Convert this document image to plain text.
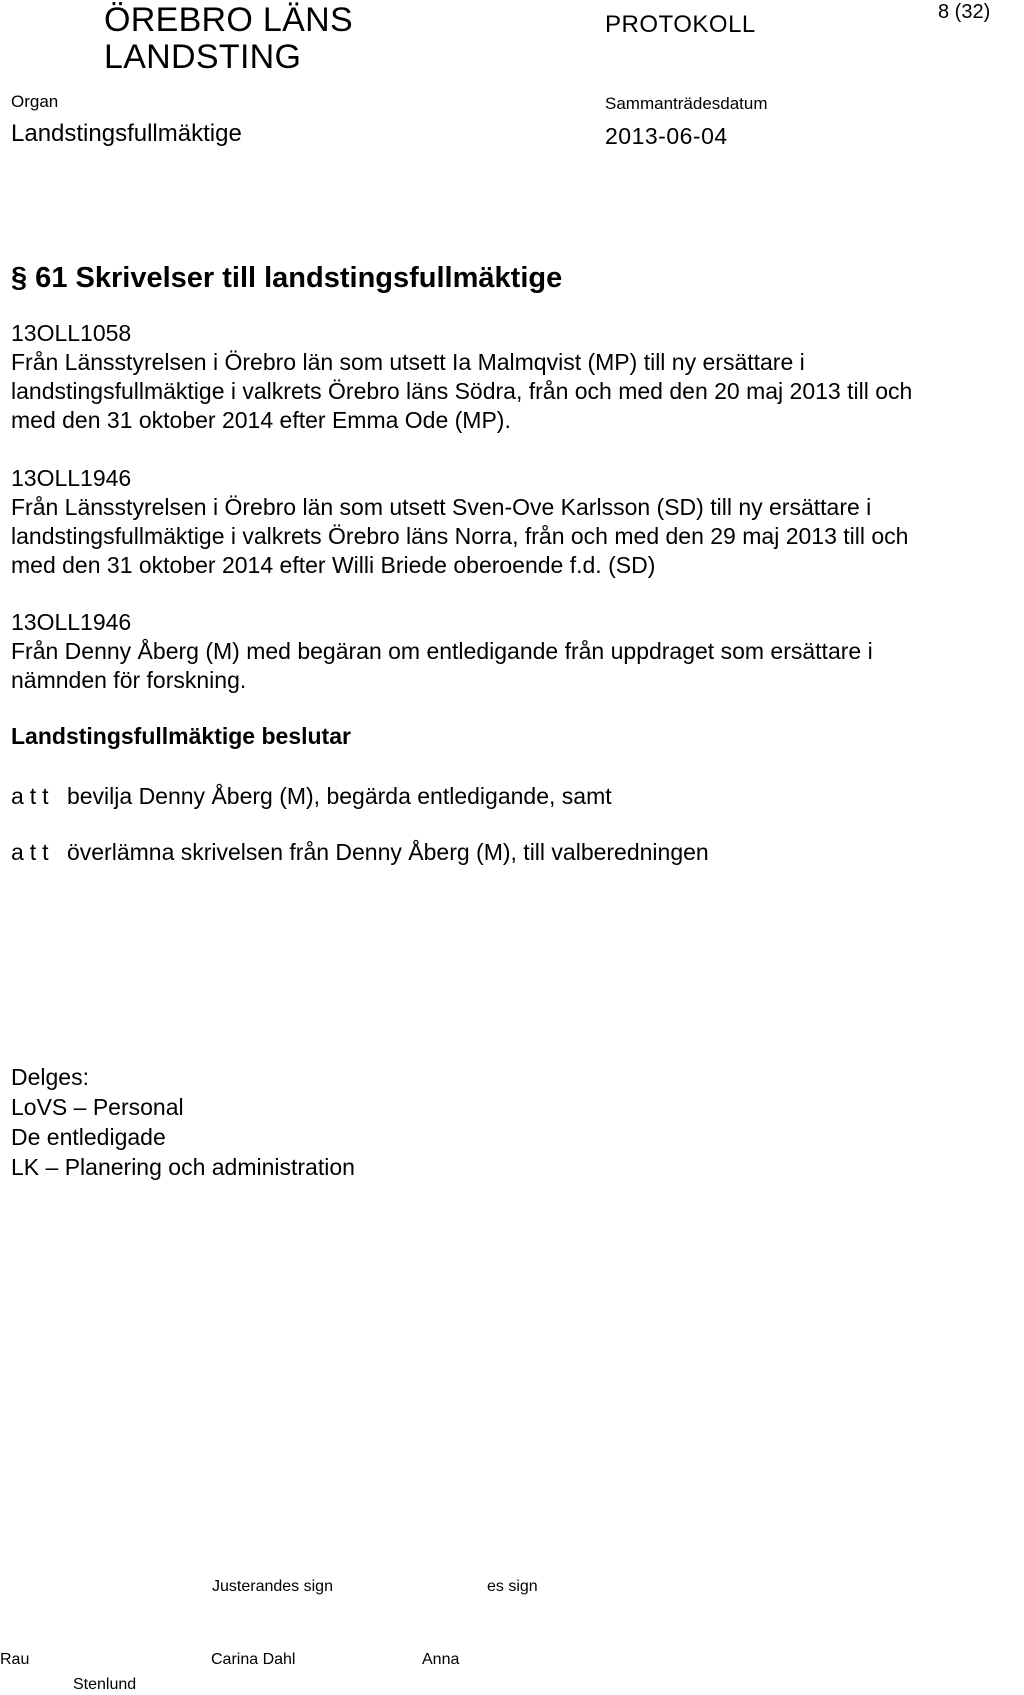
ÖREBRO LÄNS
LANDSTING
PROTOKOLL	8 (32)
Organ
Landstingsfullmäktige
Sammanträdesdatum
2013-06-04
§ 61 Skrivelser till landstingsfullmäktige
13OLL1058
Från Länsstyrelsen i Örebro län som utsett Ia Malmqvist (MP) till ny ersättare i
landstingsfullmäktige i valkrets Örebro läns Södra, från och med den 20 maj 2013 till och
med den 31 oktober 2014 efter Emma Ode (MP).
13OLL1946
Från Länsstyrelsen i Örebro län som utsett Sven-Ove Karlsson (SD) till ny ersättare i
landstingsfullmäktige i valkrets Örebro läns Norra, från och med den 29 maj 2013 till och
med den 31 oktober 2014 efter Willi Briede oberoende f.d. (SD)
13OLL1946
Från Denny Åberg (M) med begäran om entledigande från uppdraget som ersättare i
nämnden för forskning.
Landstingsfullmäktige beslutar
att bevilja Denny Åberg (M), begärda entledigande, samt
att överlämna skrivelsen från Denny Åberg (M), till valberedningen
Delges:
LoVS – Personal
De entledigade
LK – Planering och administration
Justerandes sign	es sign
Rau	Carina Dahl	Anna
Stenlund
